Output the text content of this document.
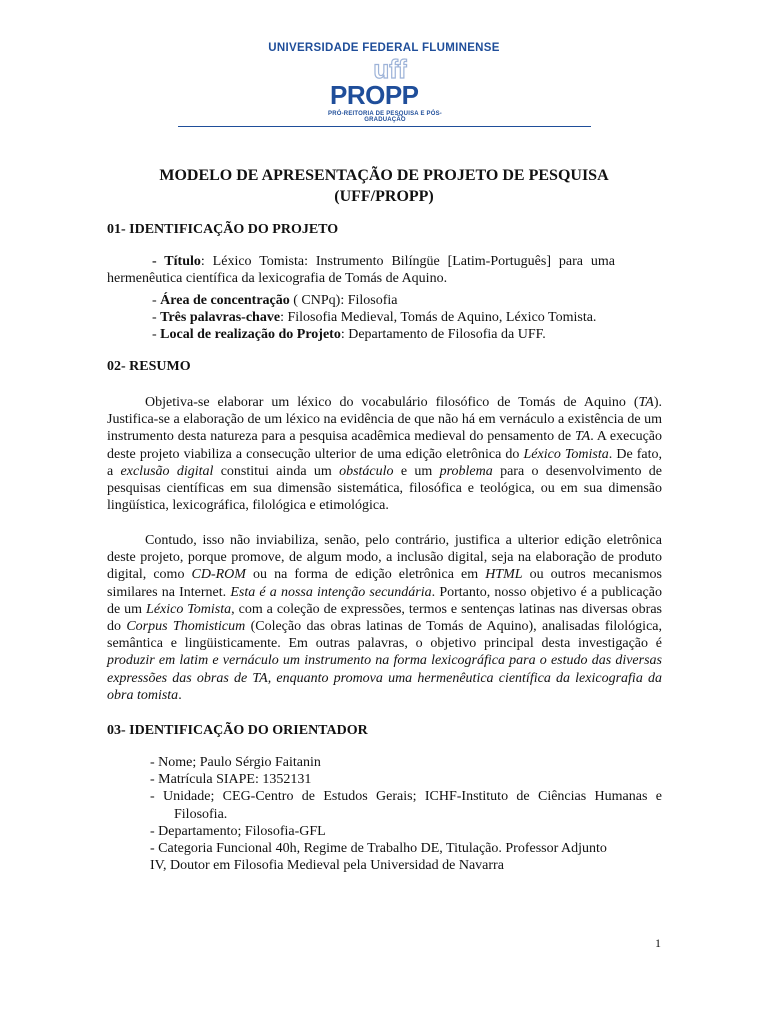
UNIVERSIDADE FEDERAL FLUMINENSE
uff
PROPP
PRÓ-REITORIA DE PESQUISA E PÓS-GRADUAÇÃO
MODELO DE APRESENTAÇÃO DE PROJETO DE PESQUISA
(UFF/PROPP)
01- IDENTIFICAÇÃO DO PROJETO
- Título: Léxico Tomista: Instrumento Bilíngüe [Latim-Português] para uma
hermenêutica científica da lexicografia de Tomás de Aquino.
- Área de concentração ( CNPq): Filosofia
- Três palavras-chave: Filosofia Medieval, Tomás de Aquino, Léxico Tomista.
- Local de realização do Projeto: Departamento de Filosofia da UFF.
02- RESUMO
Objetiva-se elaborar um léxico do vocabulário filosófico de Tomás de Aquino (TA). Justifica-se a elaboração de um léxico na evidência de que não há em vernáculo a existência de um instrumento desta natureza para a pesquisa acadêmica medieval do pensamento de TA. A execução deste projeto viabiliza a consecução ulterior de uma edição eletrônica do Léxico Tomista. De fato, a exclusão digital constitui ainda um obstáculo e um problema para o desenvolvimento de pesquisas científicas em sua dimensão sistemática, filosófica e teológica, ou em sua dimensão lingüística, lexicográfica, filológica e etimológica.
Contudo, isso não inviabiliza, senão, pelo contrário, justifica a ulterior edição eletrônica deste projeto, porque promove, de algum modo, a inclusão digital, seja na elaboração de produto digital, como CD-ROM ou na forma de edição eletrônica em HTML ou outros mecanismos similares na Internet. Esta é a nossa intenção secundária. Portanto, nosso objetivo é a publicação de um Léxico Tomista, com a coleção de expressões, termos e sentenças latinas nas diversas obras do Corpus Thomisticum (Coleção das obras latinas de Tomás de Aquino), analisadas filológica, semântica e lingüisticamente. Em outras palavras, o objetivo principal desta investigação é produzir em latim e vernáculo um instrumento na forma lexicográfica para o estudo das diversas expressões das obras de TA, enquanto promova uma hermenêutica científica da lexicografia da obra tomista.
03- IDENTIFICAÇÃO DO ORIENTADOR
- Nome; Paulo Sérgio Faitanin
- Matrícula SIAPE: 1352131
- Unidade; CEG-Centro de Estudos Gerais; ICHF-Instituto de Ciências Humanas e
Filosofia.
- Departamento; Filosofia-GFL
- Categoria Funcional 40h, Regime de Trabalho DE, Titulação. Professor Adjunto
IV, Doutor em Filosofia Medieval pela Universidad de Navarra
1
